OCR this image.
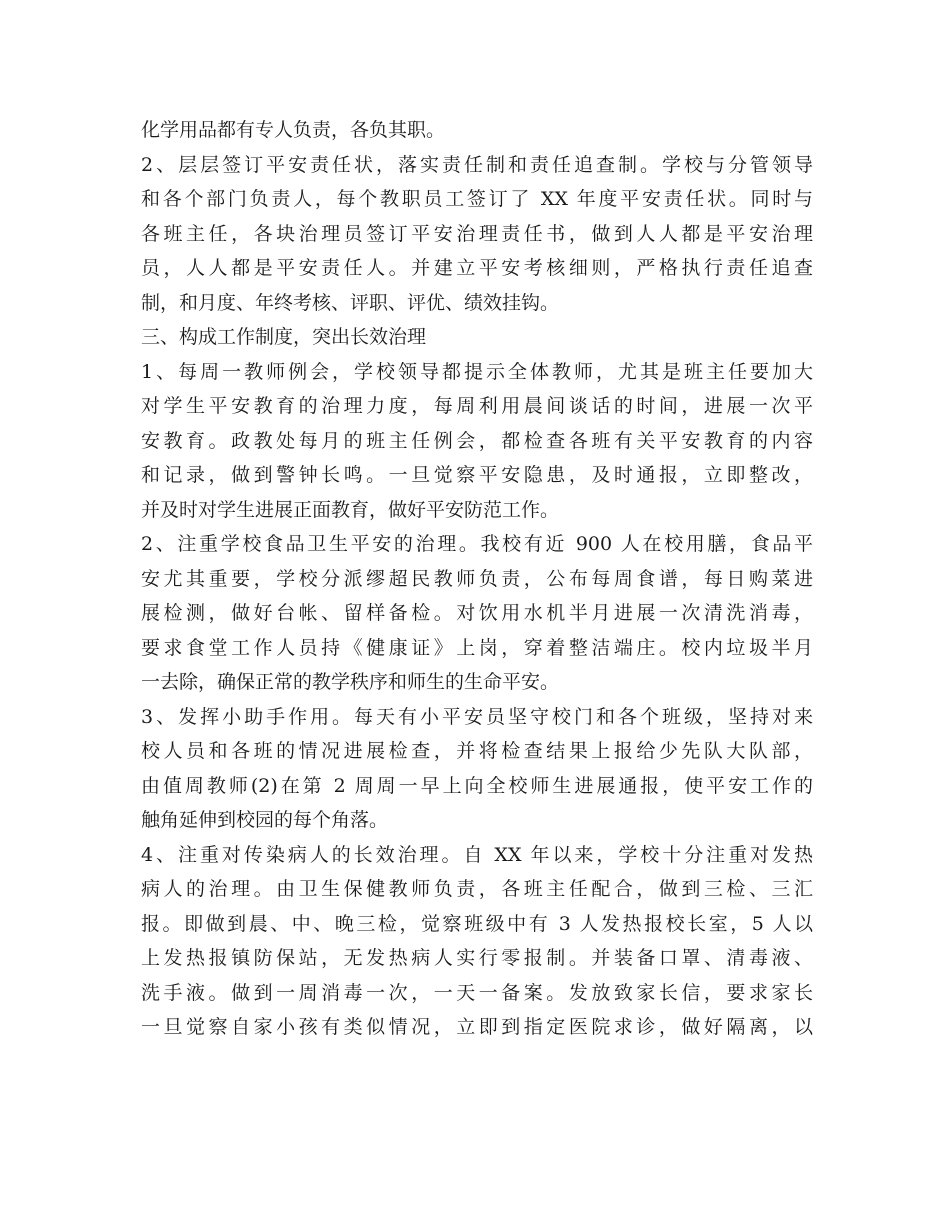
化学用品都有专人负责，各负其职。
2、层层签订平安责任状，落实责任制和责任追查制。学校与分管领导
和各个部门负责人，每个教职员工签订了 XX 年度平安责任状。同时与
各班主任，各块治理员签订平安治理责任书，做到人人都是平安治理
员，人人都是平安责任人。并建立平安考核细则，严格执行责任追查
制，和月度、年终考核、评职、评优、绩效挂钩。
三、构成工作制度，突出长效治理
1、每周一教师例会，学校领导都提示全体教师，尤其是班主任要加大
对学生平安教育的治理力度，每周利用晨间谈话的时间，进展一次平
安教育。政教处每月的班主任例会，都检查各班有关平安教育的内容
和记录，做到警钟长鸣。一旦觉察平安隐患，及时通报，立即整改，
并及时对学生进展正面教育，做好平安防范工作。
2、注重学校食品卫生平安的治理。我校有近 900 人在校用膳，食品平
安尤其重要，学校分派缪超民教师负责，公布每周食谱，每日购菜进
展检测，做好台帐、留样备检。对饮用水机半月进展一次清洗消毒，
要求食堂工作人员持《健康证》上岗，穿着整洁端庄。校内垃圾半月
一去除，确保正常的教学秩序和师生的生命平安。
3、发挥小助手作用。每天有小平安员坚守校门和各个班级，坚持对来
校人员和各班的情况进展检查，并将检查结果上报给少先队大队部，
由值周教师(2)在第 2 周周一早上向全校师生进展通报，使平安工作的
触角延伸到校园的每个角落。
4、注重对传染病人的长效治理。自 XX 年以来，学校十分注重对发热
病人的治理。由卫生保健教师负责，各班主任配合，做到三检、三汇
报。即做到晨、中、晚三检，觉察班级中有 3 人发热报校长室，5 人以
上发热报镇防保站，无发热病人实行零报制。并装备口罩、清毒液、
洗手液。做到一周消毒一次，一天一备案。发放致家长信，要求家长
一旦觉察自家小孩有类似情况，立即到指定医院求诊，做好隔离，以
